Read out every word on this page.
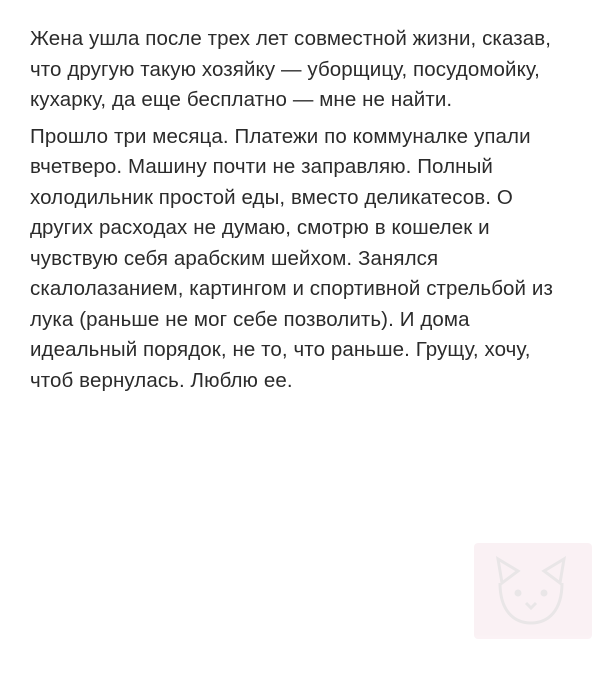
Жена ушла после трех лет совместной жизни, сказав, что другую такую хозяйку — уборщицу, посудомойку, кухарку, да еще бесплатно — мне не найти.

Прошло три месяца. Платежи по коммуналке упали вчетверо. Машину почти не заправляю. Полный холодильник простой еды, вместо деликатесов. О других расходах не думаю, смотрю в кошелек и чувствую себя арабским шейхом. Занялся скалолазанием, картингом и спортивной стрельбой из лука (раньше не мог себе позволить). И дома идеальный порядок, не то, что раньше. Грущу, хочу, чтоб вернулась. Люблю ее.
